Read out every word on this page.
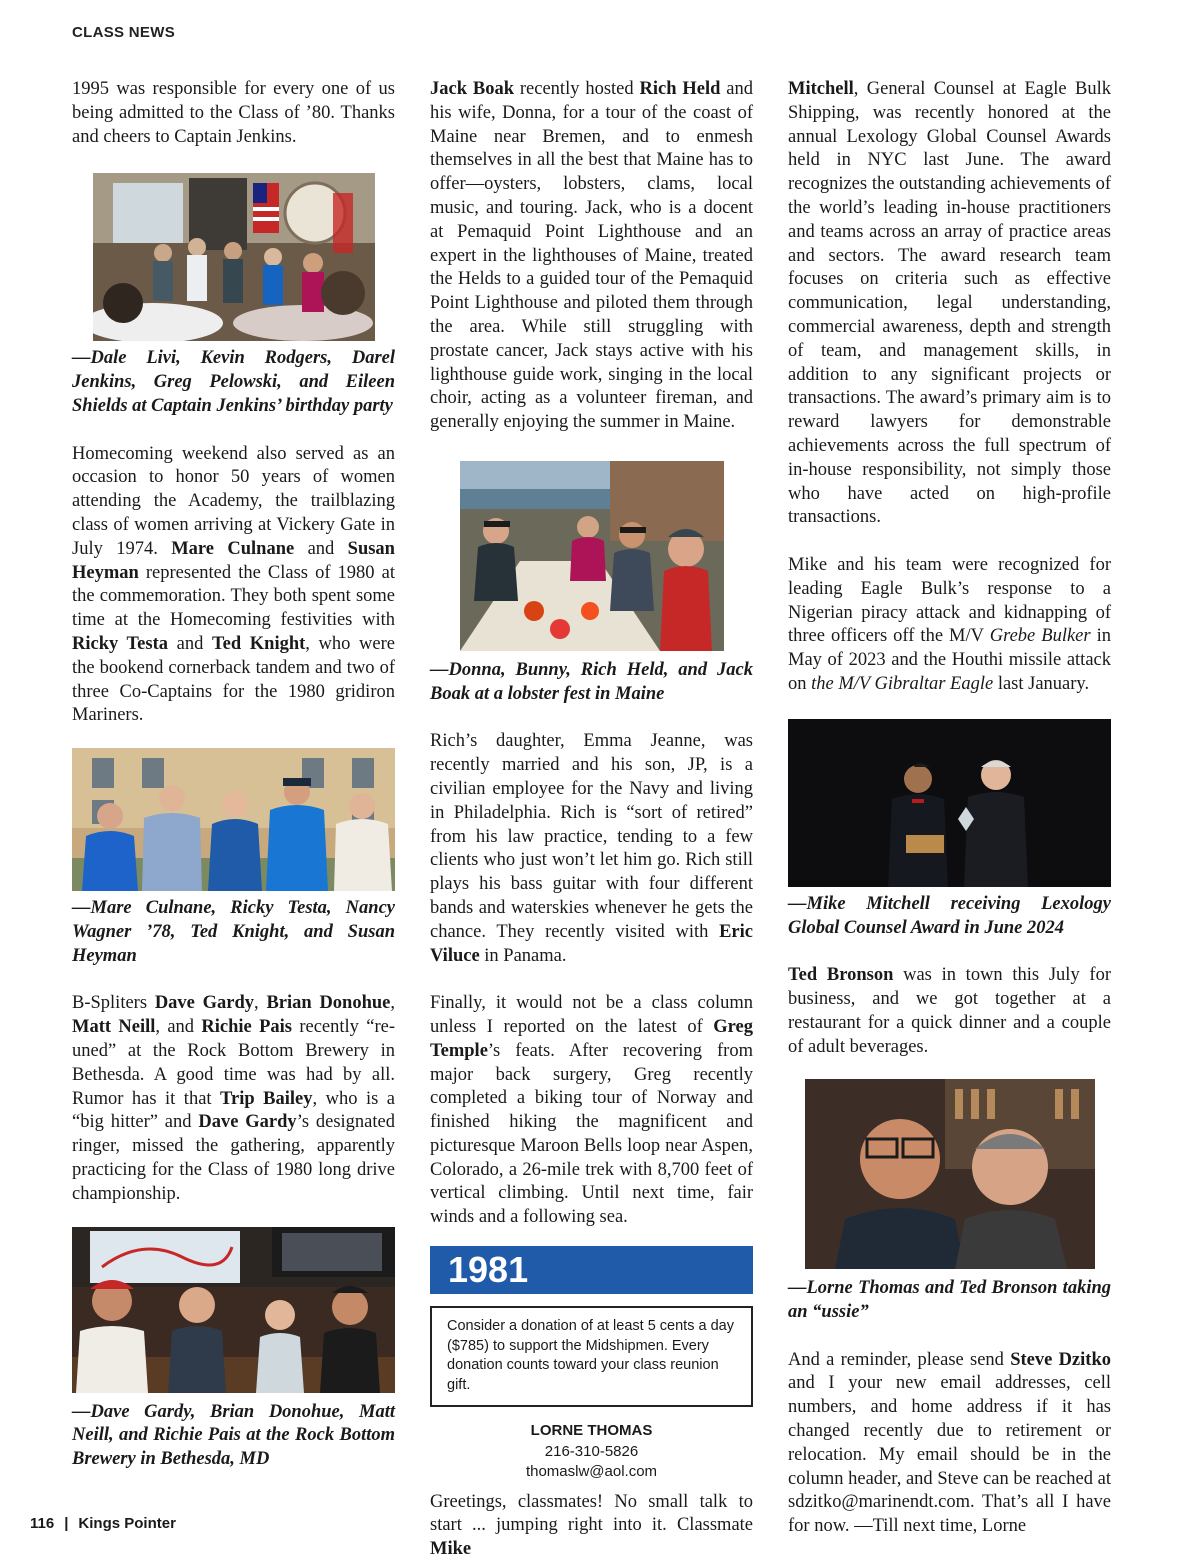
CLASS NEWS

1995 was responsible for every one of us being admitted to the Class of ’80. Thanks and cheers to Captain Jenkins.

—Dale Livi, Kevin Rodgers, Darel Jenkins, Greg Pelowski, and Eileen Shields at Captain Jenkins’ birthday party

Homecoming weekend also served as an occasion to honor 50 years of women attending the Academy, the trailblazing class of women arriving at Vickery Gate in July 1974. Mare Culnane and Susan Heyman represented the Class of 1980 at the commemoration. They both spent some time at the Homecoming festivities with Ricky Testa and Ted Knight, who were the bookend cornerback tandem and two of three Co-Captains for the 1980 gridiron Mariners.

—Mare Culnane, Ricky Testa, Nancy Wagner ’78, Ted Knight, and Susan Heyman

B-Spliters Dave Gardy, Brian Donohue, Matt Neill, and Richie Pais recently “re-uned” at the Rock Bottom Brewery in Bethesda. A good time was had by all. Rumor has it that Trip Bailey, who is a “big hitter” and Dave Gardy’s designated ringer, missed the gathering, apparently practicing for the Class of 1980 long drive championship.

—Dave Gardy, Brian Donohue, Matt Neill, and Richie Pais at the Rock Bottom Brewery in Bethesda, MD

Jack Boak recently hosted Rich Held and his wife, Donna, for a tour of the coast of Maine near Bremen, and to enmesh themselves in all the best that Maine has to offer—oysters, lobsters, clams, local music, and touring. Jack, who is a docent at Pemaquid Point Lighthouse and an expert in the lighthouses of Maine, treated the Helds to a guided tour of the Pemaquid Point Lighthouse and piloted them through the area. While still struggling with prostate cancer, Jack stays active with his lighthouse guide work, singing in the local choir, acting as a volunteer fireman, and generally enjoying the summer in Maine.

—Donna, Bunny, Rich Held, and Jack Boak at a lobster fest in Maine

Rich’s daughter, Emma Jeanne, was recently married and his son, JP, is a civilian employee for the Navy and living in Philadelphia. Rich is “sort of retired” from his law practice, tending to a few clients who just won’t let him go. Rich still plays his bass guitar with four different bands and waterskies whenever he gets the chance. They recently visited with Eric Viluce in Panama.

Finally, it would not be a class column unless I reported on the latest of Greg Temple’s feats. After recovering from major back surgery, Greg recently completed a biking tour of Norway and finished hiking the magnificent and picturesque Maroon Bells loop near Aspen, Colorado, a 26-mile trek with 8,700 feet of vertical climbing. Until next time, fair winds and a following sea.

1981
Consider a donation of at least 5 cents a day ($785) to support the Midshipmen. Every donation counts toward your class reunion gift.
LORNE THOMAS
216-310-5826
thomaslw@aol.com

Greetings, classmates! No small talk to start ... jumping right into it. Classmate Mike

Mitchell, General Counsel at Eagle Bulk Shipping, was recently honored at the annual Lexology Global Counsel Awards held in NYC last June. The award recognizes the outstanding achievements of the world’s leading in-house practitioners and teams across an array of practice areas and sectors. The award research team focuses on criteria such as effective communication, legal understanding, commercial awareness, depth and strength of team, and management skills, in addition to any significant projects or transactions. The award’s primary aim is to reward lawyers for demonstrable achievements across the full spectrum of in-house responsibility, not simply those who have acted on high-profile transactions.

Mike and his team were recognized for leading Eagle Bulk’s response to a Nigerian piracy attack and kidnapping of three officers off the M/V Grebe Bulker in May of 2023 and the Houthi missile attack on the M/V Gibraltar Eagle last January.

—Mike Mitchell receiving Lexology Global Counsel Award in June 2024

Ted Bronson was in town this July for business, and we got together at a restaurant for a quick dinner and a couple of adult beverages.

—Lorne Thomas and Ted Bronson taking an “ussie”

And a reminder, please send Steve Dzitko and I your new email addresses, cell numbers, and home address if it has changed recently due to retirement or relocation. My email should be in the column header, and Steve can be reached at sdzitko@marinendt.com. That’s all I have for now. —Till next time, Lorne

116 | Kings Pointer
